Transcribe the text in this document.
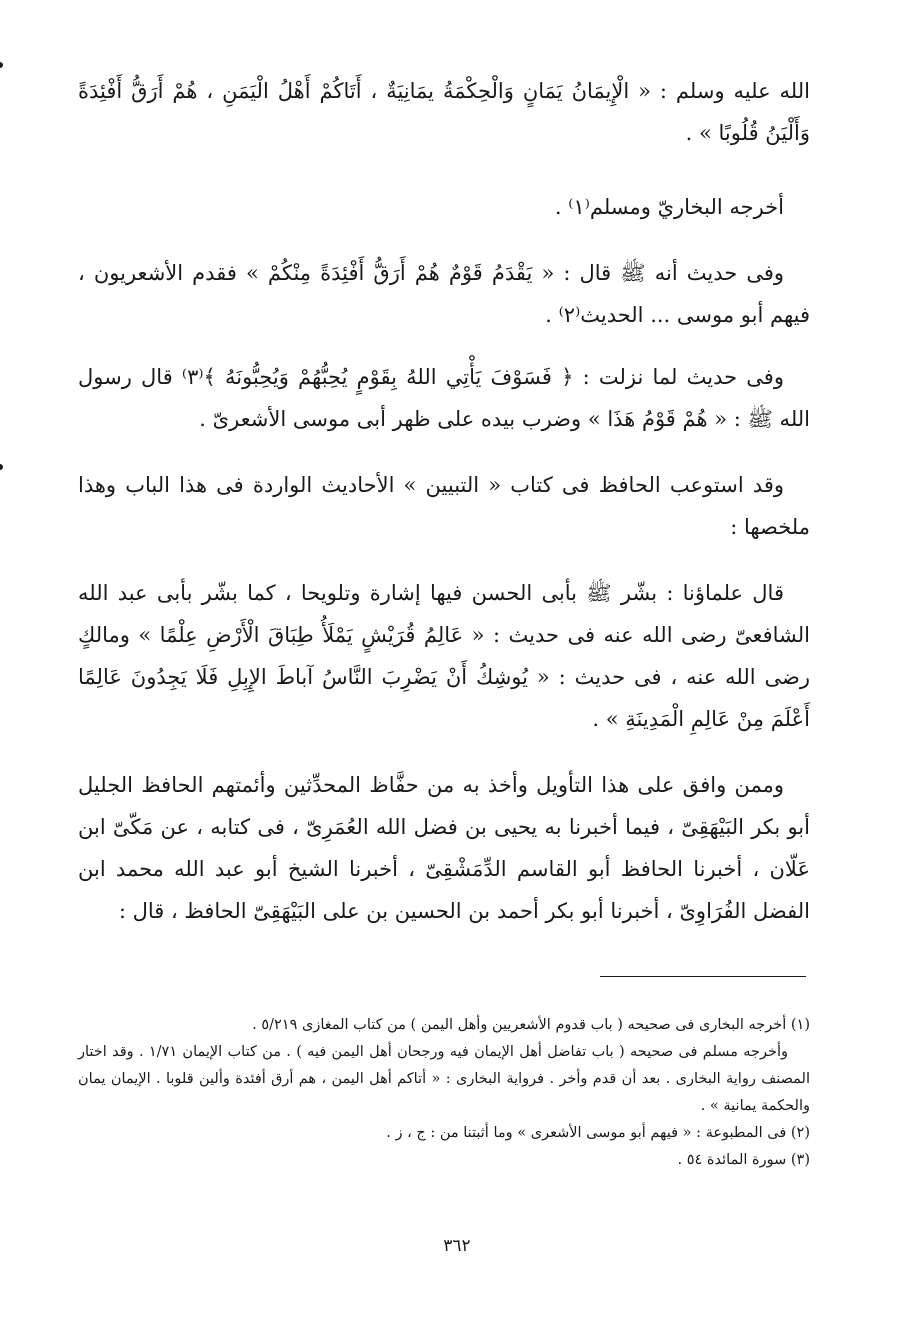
الله عليه وسلم : « الْإِيمَانُ يَمَانٍ وَالْحِكْمَةُ يمَانِيَةٌ ، أَتَاكُمْ أَهْلُ الْيَمَنِ ، هُمْ أَرَقُّ أَفْئِدَةً وَأَلْيَنُ قُلُوبًا » .

أخرجه البخاريّ ومسلم⁽١⁾ .

وفى حديث أنه ﷺ قال : « يَقْدَمُ قَوْمٌ هُمْ أَرَقُّ أَفْئِدَةً مِنْكُمْ » فقدم الأشعريون ، فيهم أبو موسى ... الحديث⁽٢⁾ .

وفى حديث لما نزلت : ﴿ فَسَوْفَ يَأْتِي اللهُ بِقَوْمٍ يُحِبُّهُمْ وَيُحِبُّونَهُ ﴾⁽٣⁾ قال رسول الله ﷺ : « هُمْ قَوْمُ هَذَا » وضرب بيده على ظهر أبى موسى الأشعرىّ .

وقد استوعب الحافظ فى كتاب « التبيين » الأحاديث الواردة فى هذا الباب وهذا ملخصها :

قال علماؤنا : بشّر ﷺ بأبى الحسن فيها إشارة وتلويحا ، كما بشّر بأبى عبد الله الشافعىّ رضى الله عنه فى حديث : « عَالِمُ قُرَيْشٍ يَمْلَأُ طِبَاقَ الْأَرْضِ عِلْمًا » ومالكٍ رضى الله عنه ، فى حديث : « يُوشِكُ أَنْ يَضْرِبَ النَّاسُ آباطَ الإِبِلِ فَلَا يَجِدُونَ عَالِمًا أَعْلَمَ مِنْ عَالِمِ الْمَدِينَةِ » .

وممن وافق على هذا التأويل وأخذ به من حفَّاظ المحدِّثين وأئمتهم الحافظ الجليل أبو بكر البَيْهَقِىّ ، فيما أخبرنا به يحيى بن فضل الله العُمَرِىّ ، فى كتابه ، عن مَكّىّ ابن عَلّان ، أخبرنا الحافظ أبو القاسم الدِّمَشْقِىّ ، أخبرنا الشيخ أبو عبد الله محمد ابن الفضل الفُرَاوِىّ ، أخبرنا أبو بكر أحمد بن الحسين بن على البَيْهَقِىّ الحافظ ، قال :

(١) أخرجه البخارى فى صحيحه ( باب قدوم الأشعريين وأهل اليمن ) من كتاب المغازى ٥/٢١٩ .

وأخرجه مسلم فى صحيحه ( باب تفاضل أهل الإيمان فيه ورجحان أهل اليمن فيه ) . من كتاب الإيمان ١/٧١ . وقد اختار المصنف رواية البخارى . بعد أن قدم وأخر . فرواية البخارى : « أتاكم أهل اليمن ، هم أرق أفئدة وألين قلوبا . الإيمان يمان والحكمة يمانية » .

(٢) فى المطبوعة : « فيهم أبو موسى الأشعرى » وما أثبتنا من : ج ، ز .

(٣) سورة المائدة ٥٤ .

٣٦٢
